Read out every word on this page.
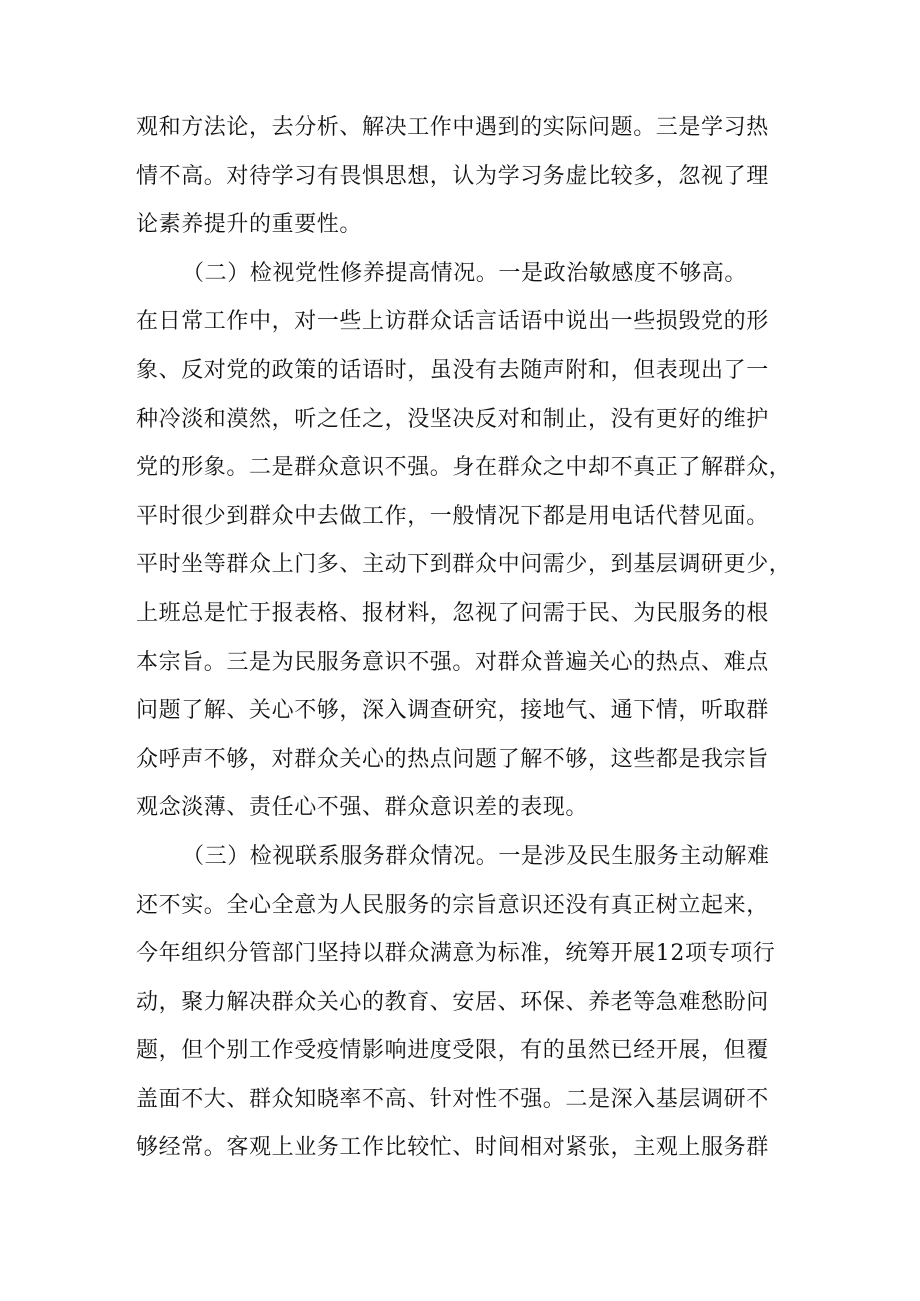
观和方法论，去分析、解决工作中遇到的实际问题。三是学习热
情不高。对待学习有畏惧思想，认为学习务虚比较多，忽视了理
论素养提升的重要性。
（二）检视党性修养提高情况。一是政治敏感度不够高。
在日常工作中，对一些上访群众话言话语中说出一些损毁党的形
象、反对党的政策的话语时，虽没有去随声附和，但表现出了一
种冷淡和漠然，听之任之，没坚决反对和制止，没有更好的维护
党的形象。二是群众意识不强。身在群众之中却不真正了解群众，
平时很少到群众中去做工作，一般情况下都是用电话代替见面。
平时坐等群众上门多、主动下到群众中问需少，到基层调研更少，
上班总是忙于报表格、报材料，忽视了问需于民、为民服务的根
本宗旨。三是为民服务意识不强。对群众普遍关心的热点、难点
问题了解、关心不够，深入调查研究，接地气、通下情，听取群
众呼声不够，对群众关心的热点问题了解不够，这些都是我宗旨
观念淡薄、责任心不强、群众意识差的表现。
（三）检视联系服务群众情况。一是涉及民生服务主动解难
还不实。全心全意为人民服务的宗旨意识还没有真正树立起来，
今年组织分管部门坚持以群众满意为标准，统筹开展12项专项行
动，聚力解决群众关心的教育、安居、环保、养老等急难愁盼问
题，但个别工作受疫情影响进度受限，有的虽然已经开展，但覆
盖面不大、群众知晓率不高、针对性不强。二是深入基层调研不
够经常。客观上业务工作比较忙、时间相对紧张，主观上服务群
